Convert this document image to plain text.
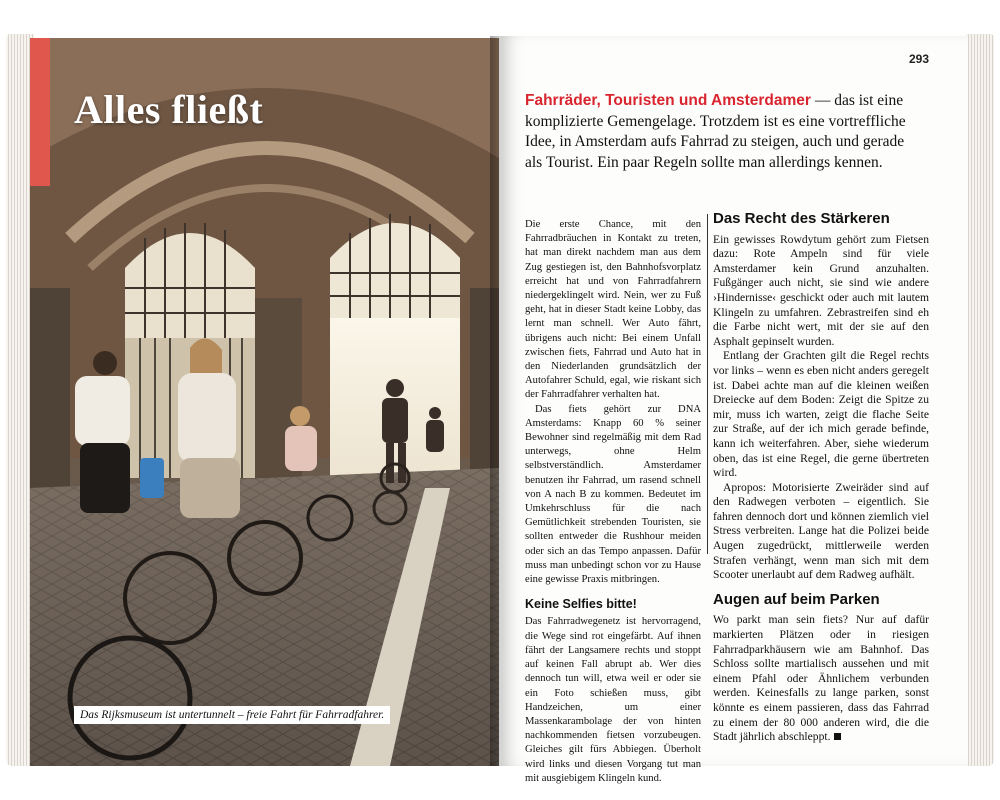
Alles fließt
Das Rijksmuseum ist untertunnelt – freie Fahrt für Fahrradfahrer.
293
Fahrräder, Touristen und Amsterdamer — das ist eine komplizierte Gemengelage. Trotzdem ist es eine vortreffliche Idee, in Amsterdam aufs Fahrrad zu steigen, auch und gerade als Tourist. Ein paar Regeln sollte man allerdings kennen.

Die erste Chance, mit den Fahrradbräuchen in Kontakt zu treten, hat man direkt nachdem man aus dem Zug gestiegen ist, den Bahnhofsvorplatz erreicht hat und von Fahrradfahrern niedergeklingelt wird. Nein, wer zu Fuß geht, hat in dieser Stadt keine Lobby, das lernt man schnell. Wer Auto fährt, übrigens auch nicht: Bei einem Unfall zwischen fiets, Fahrrad und Auto hat in den Niederlanden grundsätzlich der Autofahrer Schuld, egal, wie riskant sich der Fahrradfahrer verhalten hat.

Das fiets gehört zur DNA Amsterdams: Knapp 60 % seiner Bewohner sind regelmäßig mit dem Rad unterwegs, ohne Helm selbstverständlich. Amsterdamer benutzen ihr Fahrrad, um rasend schnell von A nach B zu kommen. Bedeutet im Umkehrschluss für die nach Gemütlichkeit strebenden Touristen, sie sollten entweder die Rushhour meiden oder sich an das Tempo anpassen. Dafür muss man unbedingt schon vor zu Hause eine gewisse Praxis mitbringen.

Keine Selfies bitte!

Das Fahrradwegenetz ist hervorragend, die Wege sind rot eingefärbt. Auf ihnen fährt der Langsamere rechts und stoppt auf keinen Fall abrupt ab. Wer dies dennoch tun will, etwa weil er oder sie ein Foto schießen muss, gibt Handzeichen, um einer Massenkarambolage der von hinten nachkommenden fietsen vorzubeugen. Gleiches gilt fürs Abbiegen. Überholt wird links und diesen Vorgang tut man mit ausgiebigem Klingeln kund.

Das Recht des Stärkeren

Ein gewisses Rowdytum gehört zum Fietsen dazu: Rote Ampeln sind für viele Amsterdamer kein Grund anzuhalten. Fußgänger auch nicht, sie sind wie andere ›Hindernisse‹ geschickt oder auch mit lautem Klingeln zu umfahren. Zebrastreifen sind eh die Farbe nicht wert, mit der sie auf den Asphalt gepinselt wurden.

Entlang der Grachten gilt die Regel rechts vor links – wenn es eben nicht anders geregelt ist. Dabei achte man auf die kleinen weißen Dreiecke auf dem Boden: Zeigt die Spitze zu mir, muss ich warten, zeigt die flache Seite zur Straße, auf der ich mich gerade befinde, kann ich weiterfahren. Aber, siehe wiederum oben, das ist eine Regel, die gerne übertreten wird.

Apropos: Motorisierte Zweiräder sind auf den Radwegen verboten – eigentlich. Sie fahren dennoch dort und können ziemlich viel Stress verbreiten. Lange hat die Polizei beide Augen zugedrückt, mittlerweile werden Strafen verhängt, wenn man sich mit dem Scooter unerlaubt auf dem Radweg aufhält.

Augen auf beim Parken

Wo parkt man sein fiets? Nur auf dafür markierten Plätzen oder in riesigen Fahrradparkhäusern wie am Bahnhof. Das Schloss sollte martialisch aussehen und mit einem Pfahl oder Ähnlichem verbunden werden. Keinesfalls zu lange parken, sonst könnte es einem passieren, dass das Fahrrad zu einem der 80 000 anderen wird, die die Stadt jährlich abschleppt.
